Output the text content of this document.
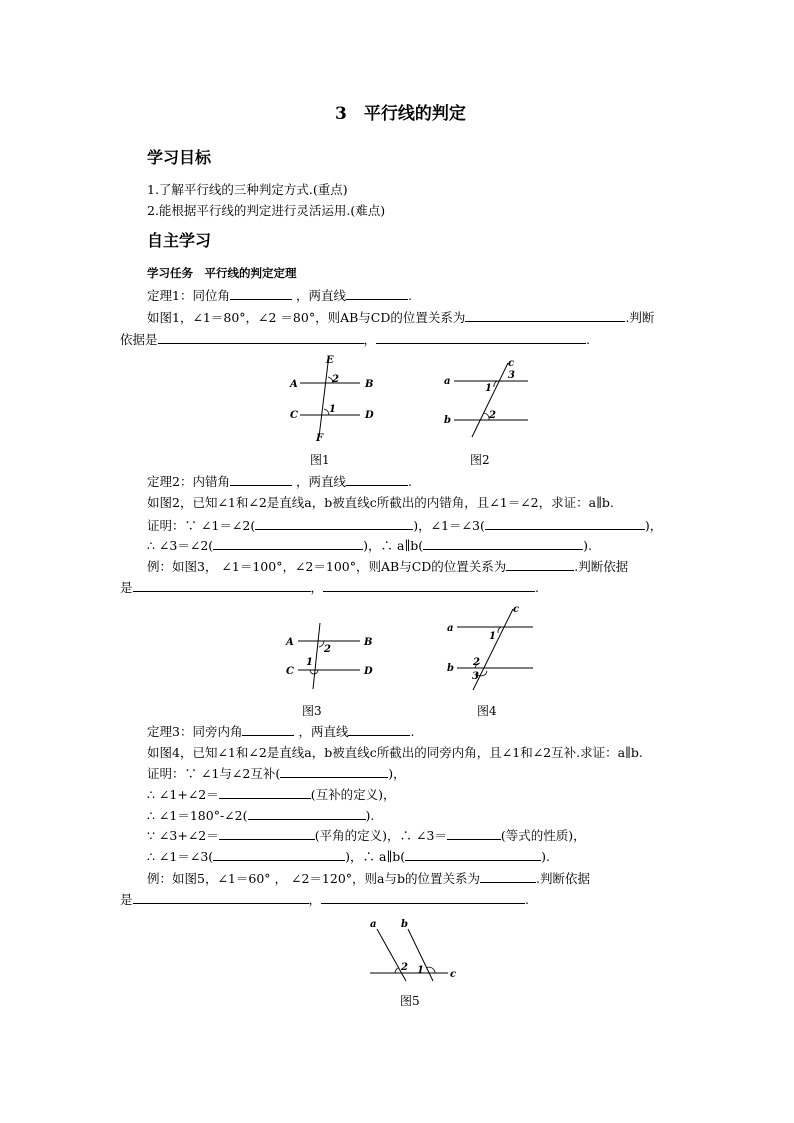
3　平行线的判定
学习目标
1.了解平行线的三种判定方式.(重点)
2.能根据平行线的判定进行灵活运用.(难点)
自主学习
学习任务　平行线的判定定理
定理1：同位角	，两直线	.
如图1，∠1＝80°，∠2 ＝80°，则AB与CD的位置关系为	.判断
依据是	，	.
A	B
C	D
E
F
2
1
图1
a
b
c
1
2
3
图2
定理2：内错角	，两直线	.
如图2，已知∠1和∠2是直线a，b被直线c所截出的内错角，且∠1＝∠2，求证：a∥b.
证明：∵ ∠1＝∠2(	)，∠1＝∠3(	)，
∴ ∠3＝∠2(	)，∴ a∥b(	).
例：如图3， ∠1＝100°，∠2＝100°，则AB与CD的位置关系为	.判断依据
是	，	.
A	B
C	D
1
2
图3
a
b
c
1
2
3
图4
定理3：同旁内角	，两直线	.
如图4，已知∠1和∠2是直线a，b被直线c所截出的同旁内角，且∠1和∠2互补.求证：a∥b.
证明：∵ ∠1与∠2互补(	)，
∴ ∠1+∠2＝	(互补的定义)，
∴ ∠1＝180°-∠2(	).
∵ ∠3+∠2＝	(平角的定义)，∴ ∠3＝	(等式的性质)，
∴ ∠1＝∠3(	)，∴ a∥b(	).
例：如图5，∠1＝60° ， ∠2＝120°，则a与b的位置关系为	.判断依据
是	，	.
a b
c
2 1
图5
